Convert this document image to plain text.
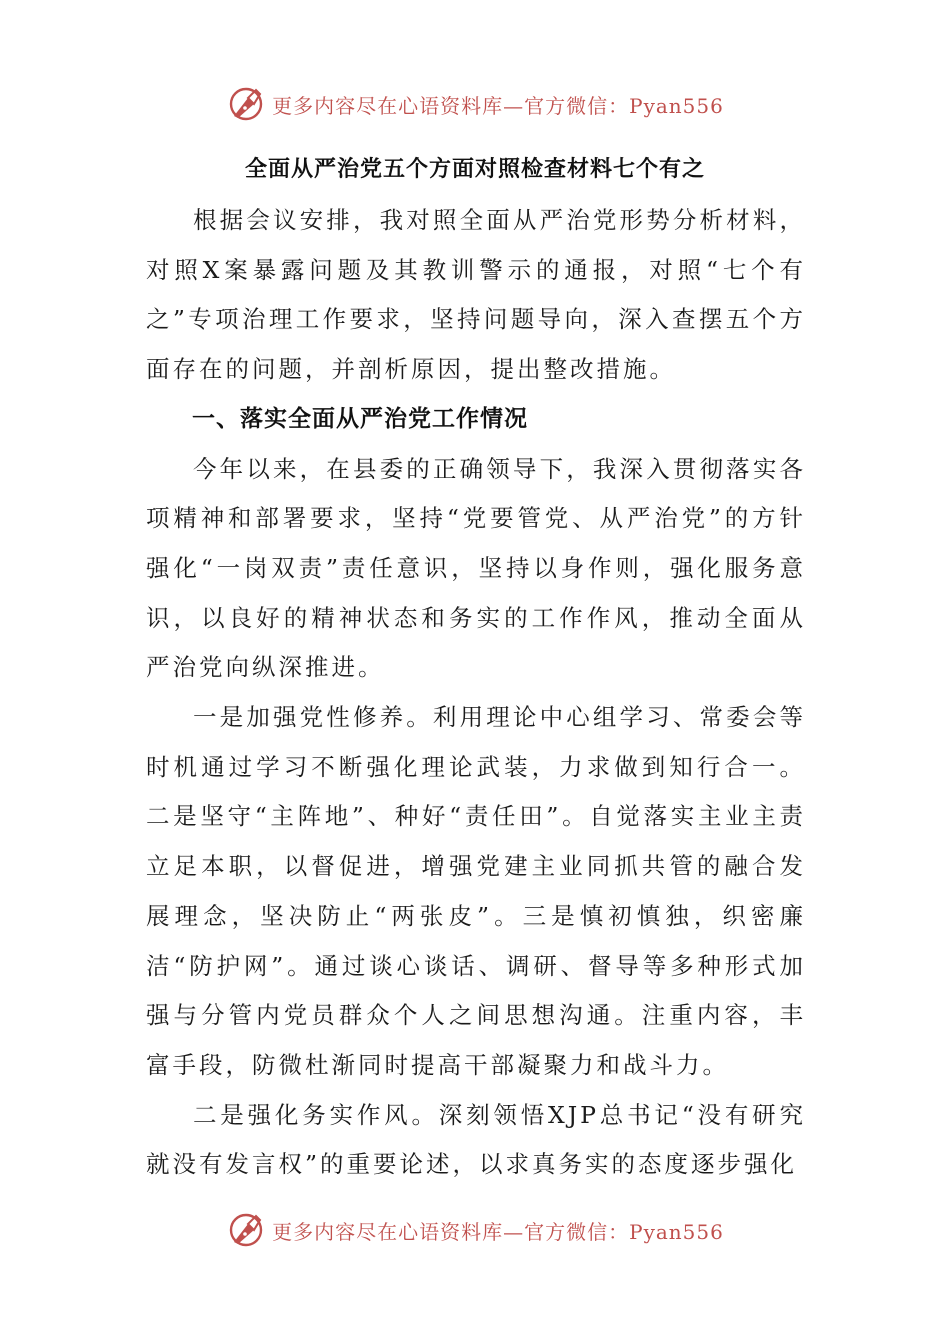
更多内容尽在心语资料库—官方微信：Pyan556
全面从严治党五个方面对照检查材料七个有之

根据会议安排，我对照全面从严治党形势分析材料，对照X案暴露问题及其教训警示的通报，对照“七个有之”专项治理工作要求，坚持问题导向，深入查摆五个方面存在的问题，并剖析原因，提出整改措施。

一、落实全面从严治党工作情况

今年以来，在县委的正确领导下，我深入贯彻落实各项精神和部署要求，坚持“党要管党、从严治党”的方针强化“一岗双责”责任意识，坚持以身作则，强化服务意识，以良好的精神状态和务实的工作作风，推动全面从严治党向纵深推进。

一是加强党性修养。利用理论中心组学习、常委会等时机通过学习不断强化理论武装，力求做到知行合一。二是坚守“主阵地”、种好“责任田”。自觉落实主业主责立足本职，以督促进，增强党建主业同抓共管的融合发展理念，坚决防止“两张皮”。三是慎初慎独，织密廉洁“防护网”。通过谈心谈话、调研、督导等多种形式加强与分管内党员群众个人之间思想沟通。注重内容，丰富手段，防微杜渐同时提高干部凝聚力和战斗力。

二是强化务实作风。深刻领悟XJP总书记“没有研究就没有发言权”的重要论述，以求真务实的态度逐步强化

更多内容尽在心语资料库—官方微信：Pyan556
